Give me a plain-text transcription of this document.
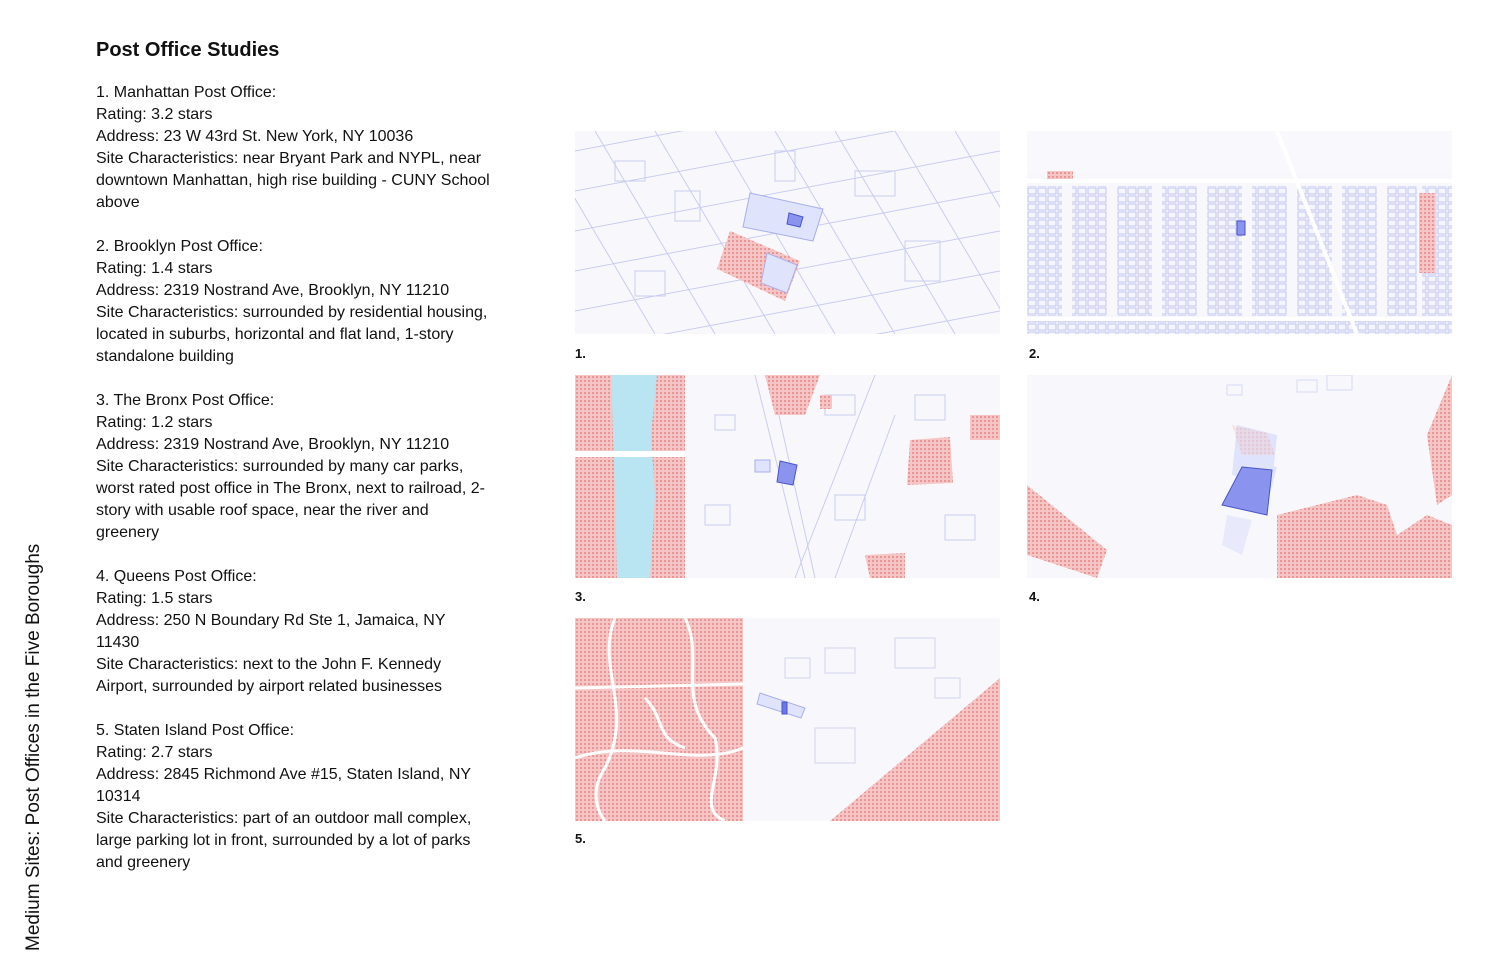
Medium Sites: Post Offices in the Five Boroughs
Post Office Studies
1. Manhattan Post Office:
Rating: 3.2 stars
Address: 23 W 43rd St. New York, NY 10036
Site Characteristics: near Bryant Park and NYPL, near downtown Manhattan, high rise building - CUNY School above
2. Brooklyn Post Office:
Rating: 1.4 stars
Address: 2319 Nostrand Ave, Brooklyn, NY 11210
Site Characteristics: surrounded by residential housing, located in suburbs, horizontal and flat land, 1-story standalone building
3. The Bronx Post Office:
Rating: 1.2 stars
Address: 2319 Nostrand Ave, Brooklyn, NY 11210
Site Characteristics: surrounded by many car parks, worst rated post office in The Bronx, next to railroad, 2-story with usable roof space, near the river and greenery
4. Queens Post Office:
Rating: 1.5 stars
Address: 250 N Boundary Rd Ste 1, Jamaica, NY 11430
Site Characteristics: next to the John F. Kennedy Airport, surrounded by airport related businesses
5. Staten Island Post Office:
Rating: 2.7 stars
Address: 2845 Richmond Ave #15, Staten Island, NY 10314
Site Characteristics: part of an outdoor mall complex, large parking lot in front, surrounded by a lot of parks and greenery
1.	2.
3.	4.
5.
